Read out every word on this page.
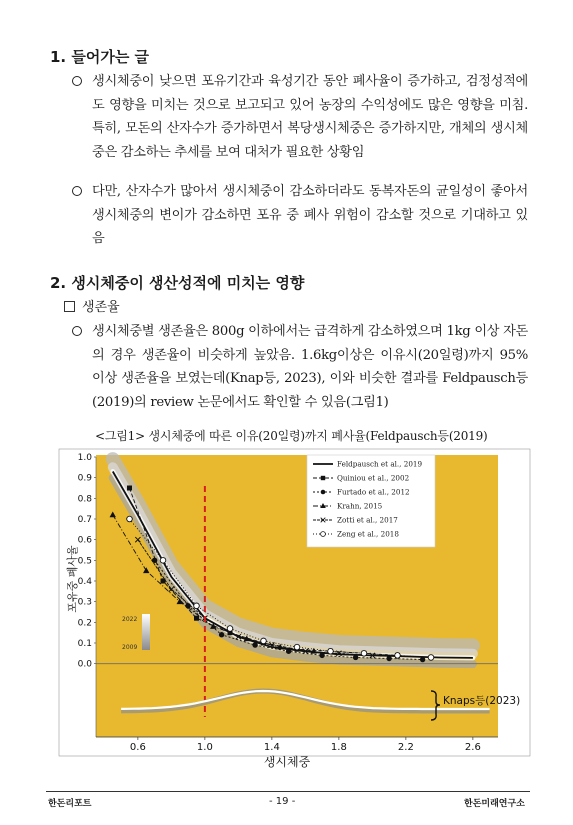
1. 들어가는 글
생시체중이 낮으면 포유기간과 육성기간 동안 폐사율이 증가하고, 검정성적에도 영향을 미치는 것으로 보고되고 있어 농장의 수익성에도 많은 영향을 미침. 특히, 모돈의 산자수가 증가하면서 복당생시체중은 증가하지만, 개체의 생시체중은 감소하는 추세를 보여 대처가 필요한 상황임
다만, 산자수가 많아서 생시체중이 감소하더라도 동복자돈의 균일성이 좋아서 생시체중의 변이가 감소하면 포유 중 폐사 위험이 감소할 것으로 기대하고 있음
2. 생시체중이 생산성적에 미치는 영향
생존율
생시체중별 생존율은 800g 이하에서는 급격하게 감소하였으며 1kg 이상 자돈의 경우 생존율이 비슷하게 높았음. 1.6kg이상은 이유시(20일령)까지 95% 이상 생존율을 보였는데(Knap등, 2023), 이와 비슷한 결과를 Feldpausch등(2019)의 review 논문에서도 확인할 수 있음(그림1)
<그림1> 생시체중에 따른 이유(20일령)까지 폐사율(Feldpausch등(2019)
2022
2009
Feldpausch et al., 2019
Quiniou et al., 2002
Furtado et al., 2012
Krahn, 2015
Zotti et al., 2017
Zeng et al., 2018
1.0
0.9
0.8
0.7
0.6
0.5
0.4
0.3
0.2
0.1
0.0
포유중 폐사율
0.6	1.0	1.4	1.8	2.2	2.6
생시체중
Knaps등(2023)
한돈리포트	- 19 -	한돈미래연구소
